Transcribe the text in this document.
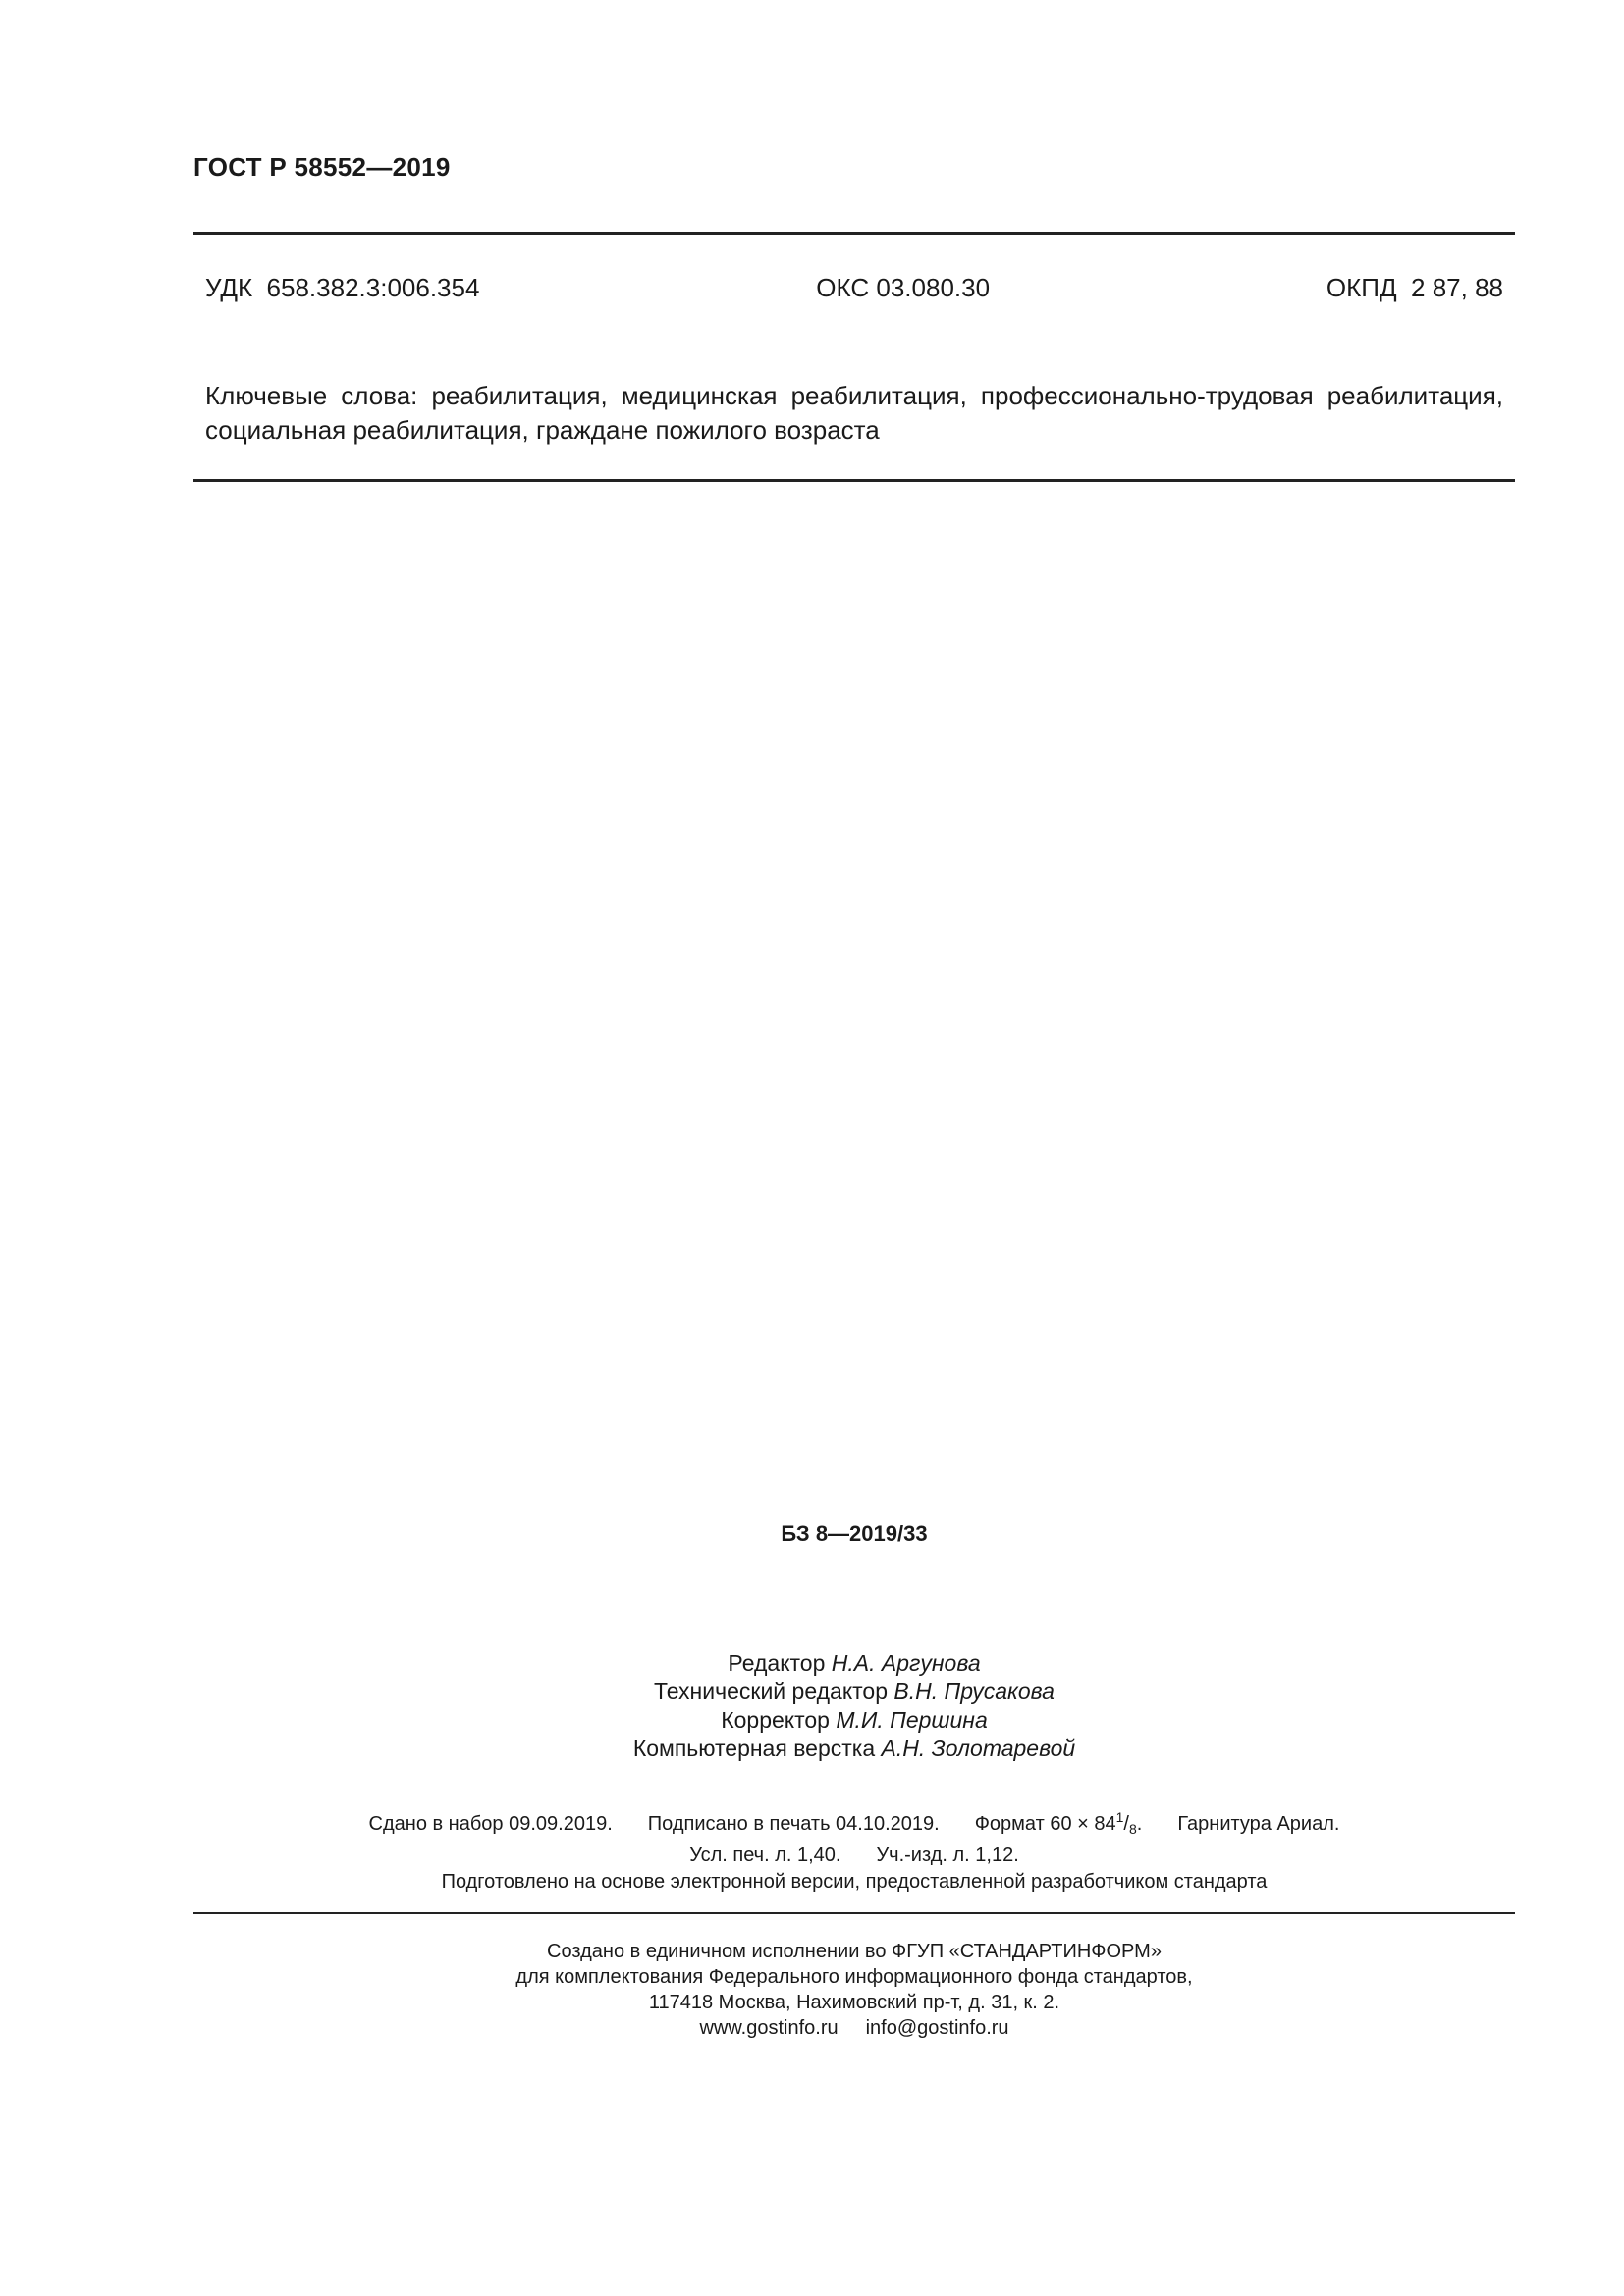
ГОСТ Р 58552—2019
УДК  658.382.3:006.354	ОКС 03.080.30	ОКПД  2 87, 88
Ключевые слова: реабилитация, медицинская реабилитация, профессионально-трудовая реабилитация, социальная реабилитация, граждане пожилого возраста
БЗ 8—2019/33
Редактор Н.А. Аргунова
Технический редактор В.Н. Прусакова
Корректор М.И. Першина
Компьютерная верстка А.Н. Золотаревой
Сдано в набор 09.09.2019. Подписано в печать 04.10.2019. Формат $60 \times 84^1/_8$. Гарнитура Ариал.
Усл. печ. л. 1,40. Уч.-изд. л. 1,12.
Подготовлено на основе электронной версии, предоставленной разработчиком стандарта
Создано в единичном исполнении во ФГУП «СТАНДАРТИНФОРМ»
для комплектования Федерального информационного фонда стандартов,
117418 Москва, Нахимовский пр-т, д. 31, к. 2.
www.gostinfo.ru info@gostinfo.ru
